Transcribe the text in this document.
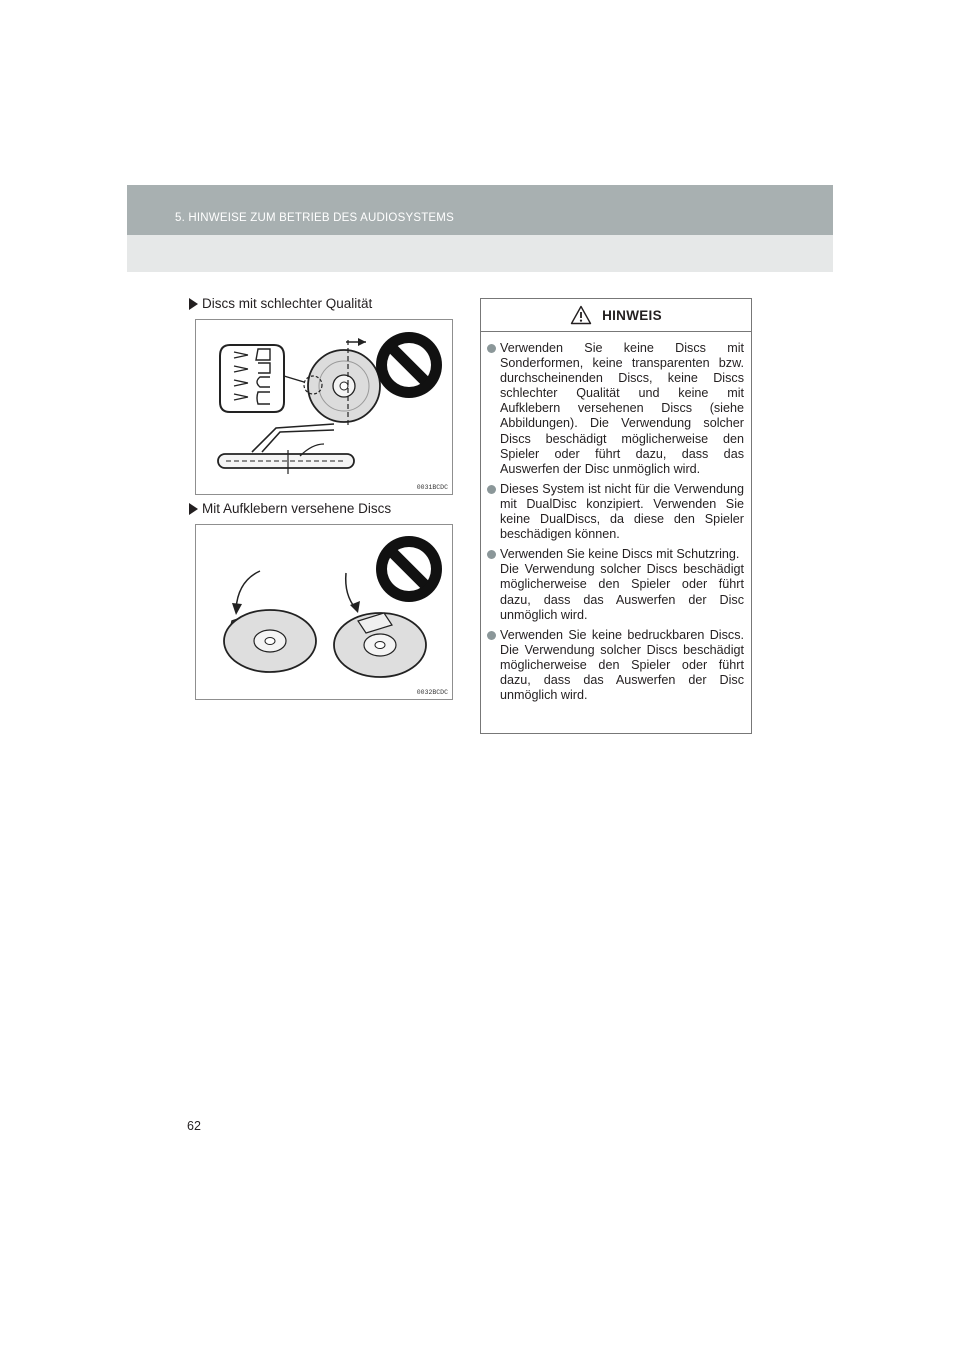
5. HINWEISE ZUM BETRIEB DES AUDIOSYSTEMS
Discs mit schlechter Qualität
0031BCDC
Mit Aufklebern versehene Discs
0032BCDC
HINWEIS
Verwenden Sie keine Discs mit Sonderformen, keine transparenten bzw. durchscheinenden Discs, keine Discs schlechter Qualität und keine mit Aufklebern versehenen Discs (siehe Abbildungen). Die Verwendung solcher Discs beschädigt möglicherweise den Spieler oder führt dazu, dass das Auswerfen der Disc unmöglich wird.
Dieses System ist nicht für die Verwendung mit DualDisc konzipiert. Verwenden Sie keine DualDiscs, da diese den Spieler beschädigen können.
Verwenden Sie keine Discs mit Schutzring.
Die Verwendung solcher Discs beschädigt möglicherweise den Spieler oder führt dazu, dass das Auswerfen der Disc unmöglich wird.
Verwenden Sie keine bedruckbaren Discs. Die Verwendung solcher Discs beschädigt möglicherweise den Spieler oder führt dazu, dass das Auswerfen der Disc unmöglich wird.
62
